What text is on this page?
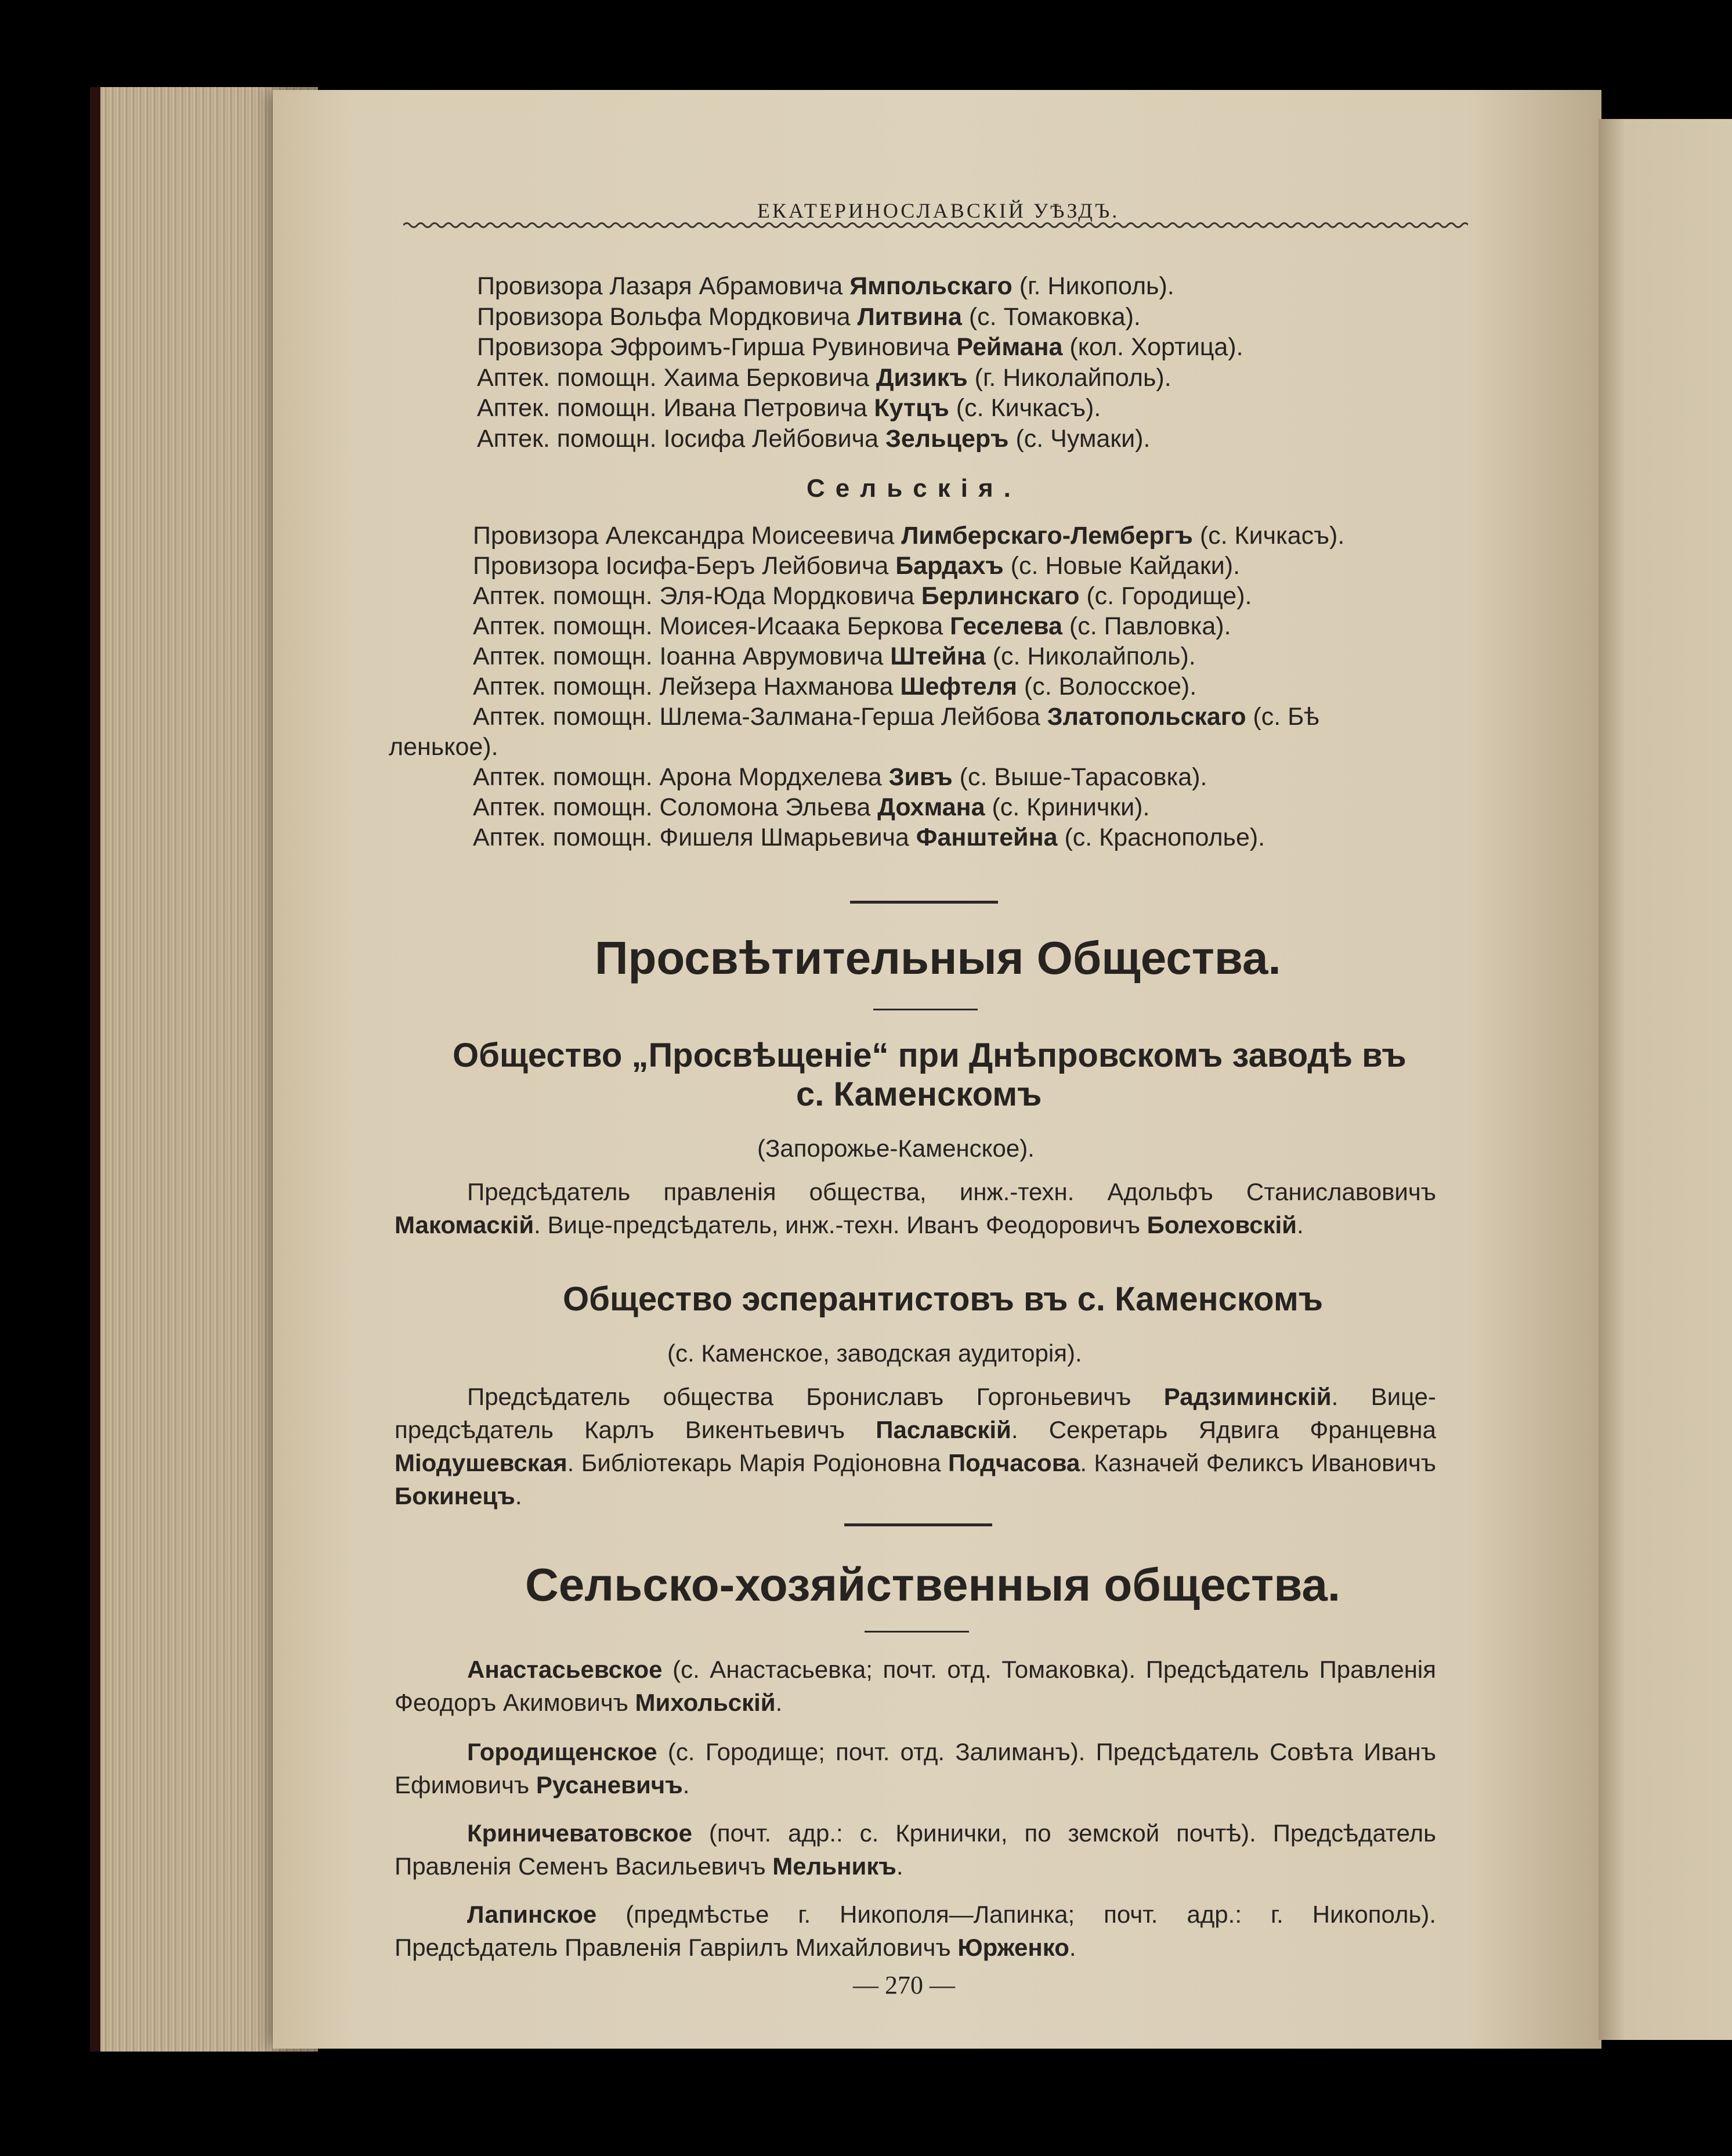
ЕКАТЕРИНОСЛАВСКІЙ УѢЗДЪ.
Провизора Лазаря Абрамовича Ямпольскаго (г. Никополь).
Провизора Вольфа Мордковича Литвина (с. Томаковка).
Провизора Эфроимъ-Гирша Рувиновича Реймана (кол. Хортица).
Аптек. помощн. Хаима Берковича Дизикъ (г. Николайполь).
Аптек. помощн. Ивана Петровича Кутцъ (с. Кичкасъ).
Аптек. помощн. Іосифа Лейбовича Зельцеръ (с. Чумаки).
Сельскія.
Провизора Александра Моисеевича Лимберскаго-Лембергъ (с. Кичкасъ).
Провизора Іосифа-Беръ Лейбовича Бардахъ (с. Новые Кайдаки).
Аптек. помощн. Эля-Юда Мордковича Берлинскаго (с. Городище).
Аптек. помощн. Моисея-Исаака Беркова Геселева (с. Павловка).
Аптек. помощн. Іоанна Аврумовича Штейна (с. Николайполь).
Аптек. помощн. Лейзера Нахманова Шефтеля (с. Волосское).
Аптек. помощн. Шлема-Залмана-Герша Лейбова Златопольскаго (с. Бѣ
ленькое).
Аптек. помощн. Арона Мордхелева Зивъ (с. Выше-Тарасовка).
Аптек. помощн. Соломона Эльева Дохмана (с. Кринички).
Аптек. помощн. Фишеля Шмарьевича Фанштейна (с. Краснополье).
Просвѣтительныя Общества.
Общество „Просвѣщеніе“ при Днѣпровскомъ заводѣ въ
с. Каменскомъ
(Запорожье-Каменское).
Предсѣдатель правленія общества, инж.-техн. Адольфъ Станиславовичъ Макомаскій. Вице-предсѣдатель, инж.-техн. Иванъ Феодоровичъ Болеховскій.
Общество эсперантистовъ въ с. Каменскомъ
(с. Каменское, заводская аудиторія).
Предсѣдатель общества Брониславъ Горгоньевичъ Радзиминскій. Вице-предсѣдатель Карлъ Викентьевичъ Паславскій. Секретарь Ядвига Францевна Міодушевская. Библіотекарь Марія Родіоновна Подчасова. Казначей Феликсъ Ивановичъ Бокинецъ.
Сельско-хозяйственныя общества.
Анастасьевское (с. Анастасьевка; почт. отд. Томаковка). Предсѣдатель Правленія Феодоръ Акимовичъ Михольскій.
Городищенское (с. Городище; почт. отд. Залиманъ). Предсѣдатель Совѣта Иванъ Ефимовичъ Русаневичъ.
Криничеватовское (почт. адр.: с. Кринички, по земской почтѣ). Предсѣдатель Правленія Семенъ Васильевичъ Мельникъ.
Лапинское (предмѣстье г. Никополя—Лапинка; почт. адр.: г. Никополь). Предсѣдатель Правленія Гавріилъ Михайловичъ Юрженко.
— 270 —
